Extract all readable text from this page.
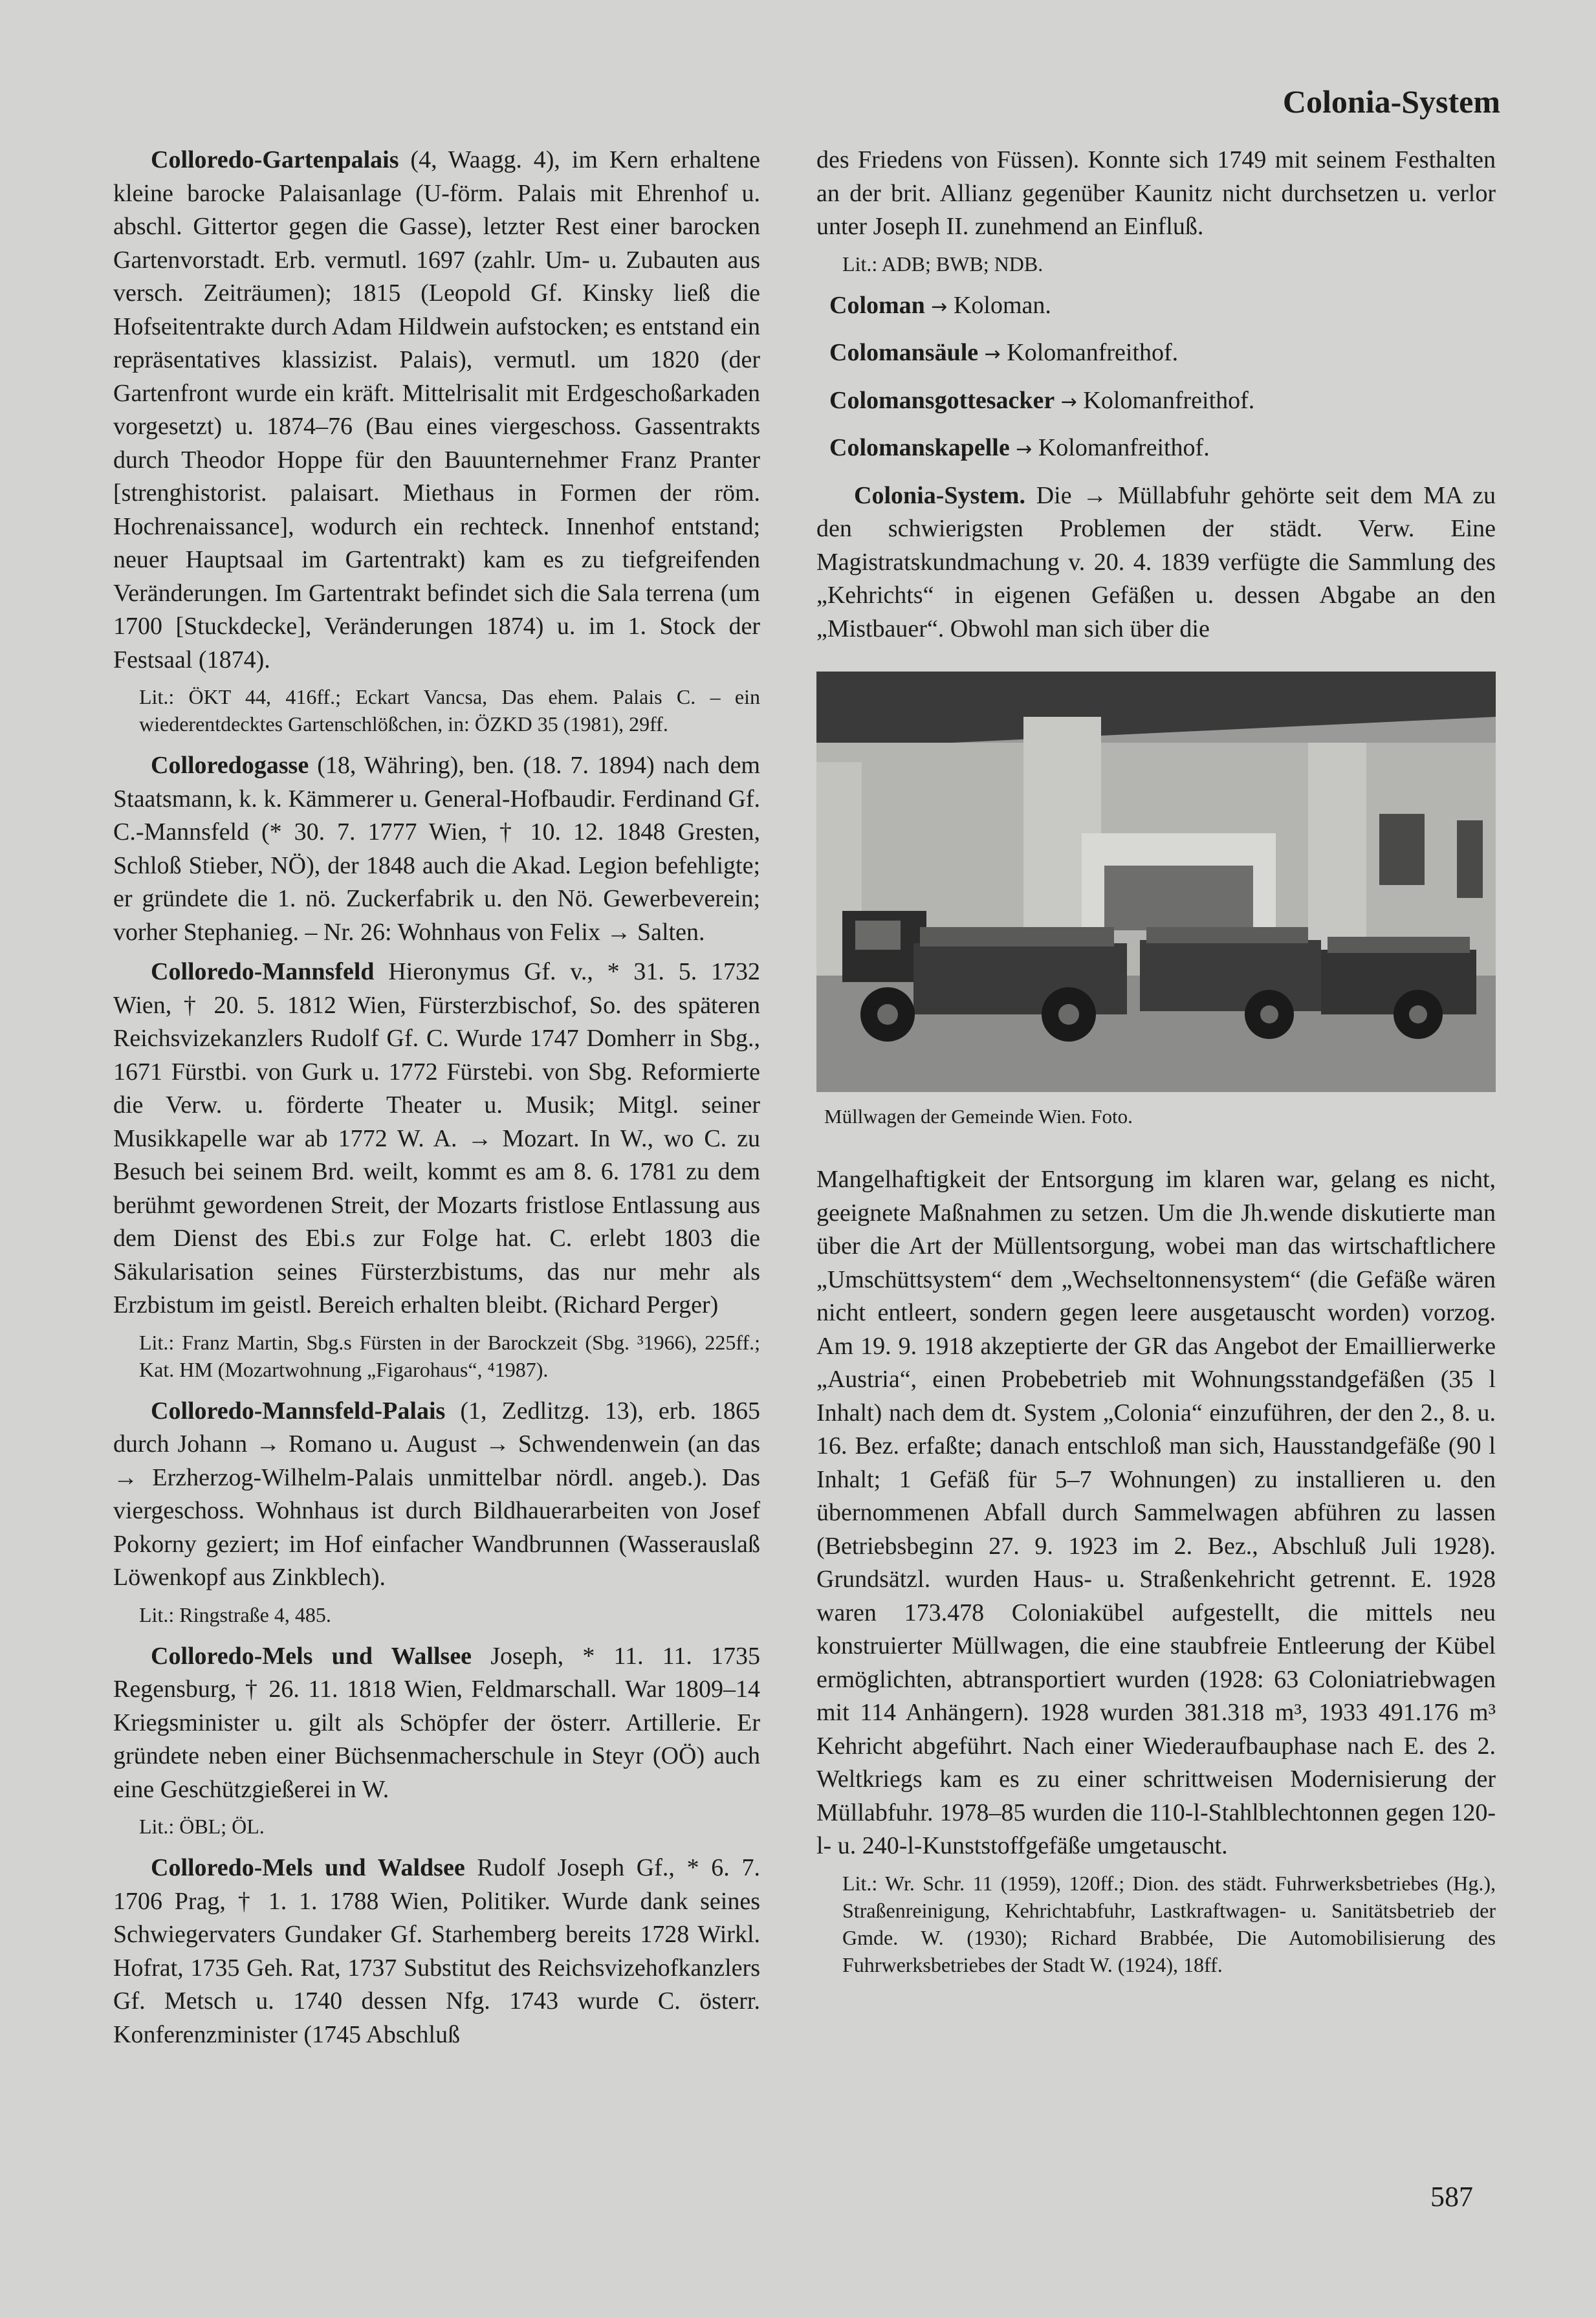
Colonia-System

Colloredo-Gartenpalais (4, Waagg. 4), im Kern erhaltene kleine barocke Palaisanlage (U-förm. Palais mit Ehrenhof u. abschl. Gittertor gegen die Gasse), letzter Rest einer barocken Gartenvorstadt. Erb. vermutl. 1697 (zahlr. Um- u. Zubauten aus versch. Zeiträumen); 1815 (Leopold Gf. Kinsky ließ die Hofseitentrakte durch Adam Hildwein aufstocken; es entstand ein repräsentatives klassizist. Palais), vermutl. um 1820 (der Gartenfront wurde ein kräft. Mittelrisalit mit Erdgeschoßarkaden vorgesetzt) u. 1874–76 (Bau eines viergeschoss. Gassentrakts durch Theodor Hoppe für den Bauunternehmer Franz Pranter [strenghistorist. palaisart. Miethaus in Formen der röm. Hochrenaissance], wodurch ein rechteck. Innenhof entstand; neuer Hauptsaal im Gartentrakt) kam es zu tiefgreifenden Veränderungen. Im Gartentrakt befindet sich die Sala terrena (um 1700 [Stuckdecke], Veränderungen 1874) u. im 1. Stock der Festsaal (1874).

Lit.: ÖKT 44, 416ff.; Eckart Vancsa, Das ehem. Palais C. – ein wiederentdecktes Gartenschlößchen, in: ÖZKD 35 (1981), 29ff.

Colloredogasse (18, Währing), ben. (18. 7. 1894) nach dem Staatsmann, k. k. Kämmerer u. General-Hofbaudir. Ferdinand Gf. C.-Mannsfeld (* 30. 7. 1777 Wien, † 10. 12. 1848 Gresten, Schloß Stieber, NÖ), der 1848 auch die Akad. Legion befehligte; er gründete die 1. nö. Zuckerfabrik u. den Nö. Gewerbeverein; vorher Stephanieg. – Nr. 26: Wohnhaus von Felix → Salten.

Colloredo-Mannsfeld Hieronymus Gf. v., * 31. 5. 1732 Wien, † 20. 5. 1812 Wien, Fürsterzbischof, So. des späteren Reichsvizekanzlers Rudolf Gf. C. Wurde 1747 Domherr in Sbg., 1671 Fürstbi. von Gurk u. 1772 Fürstebi. von Sbg. Reformierte die Verw. u. förderte Theater u. Musik; Mitgl. seiner Musikkapelle war ab 1772 W. A. → Mozart. In W., wo C. zu Besuch bei seinem Brd. weilt, kommt es am 8. 6. 1781 zu dem berühmt gewordenen Streit, der Mozarts fristlose Entlassung aus dem Dienst des Ebi.s zur Folge hat. C. erlebt 1803 die Säkularisation seines Fürsterzbistums, das nur mehr als Erzbistum im geistl. Bereich erhalten bleibt. (Richard Perger)

Lit.: Franz Martin, Sbg.s Fürsten in der Barockzeit (Sbg. ³1966), 225ff.; Kat. HM (Mozartwohnung „Figarohaus“, ⁴1987).

Colloredo-Mannsfeld-Palais (1, Zedlitzg. 13), erb. 1865 durch Johann → Romano u. August → Schwendenwein (an das → Erzherzog-Wilhelm-Palais unmittelbar nördl. angeb.). Das viergeschoss. Wohnhaus ist durch Bildhauerarbeiten von Josef Pokorny geziert; im Hof einfacher Wandbrunnen (Wasserauslaß Löwenkopf aus Zinkblech).

Lit.: Ringstraße 4, 485.

Colloredo-Mels und Wallsee Joseph, * 11. 11. 1735 Regensburg, † 26. 11. 1818 Wien, Feldmarschall. War 1809–14 Kriegsminister u. gilt als Schöpfer der österr. Artillerie. Er gründete neben einer Büchsenmacherschule in Steyr (OÖ) auch eine Geschützgießerei in W.

Lit.: ÖBL; ÖL.

Colloredo-Mels und Waldsee Rudolf Joseph Gf., * 6. 7. 1706 Prag, † 1. 1. 1788 Wien, Politiker. Wurde dank seines Schwiegervaters Gundaker Gf. Starhemberg bereits 1728 Wirkl. Hofrat, 1735 Geh. Rat, 1737 Substitut des Reichsvizehofkanzlers Gf. Metsch u. 1740 dessen Nfg. 1743 wurde C. österr. Konferenzminister (1745 Abschluß

des Friedens von Füssen). Konnte sich 1749 mit seinem Festhalten an der brit. Allianz gegenüber Kaunitz nicht durchsetzen u. verlor unter Joseph II. zunehmend an Einfluß.

Lit.: ADB; BWB; NDB.

Coloman → Koloman.

Colomansäule → Kolomanfreithof.

Colomansgottesacker → Kolomanfreithof.

Colomanskapelle → Kolomanfreithof.

Colonia-System. Die → Müllabfuhr gehörte seit dem MA zu den schwierigsten Problemen der städt. Verw. Eine Magistratskundmachung v. 20. 4. 1839 verfügte die Sammlung des „Kehrichts“ in eigenen Gefäßen u. dessen Abgabe an den „Mistbauer“. Obwohl man sich über die

Müllwagen der Gemeinde Wien. Foto.

Mangelhaftigkeit der Entsorgung im klaren war, gelang es nicht, geeignete Maßnahmen zu setzen. Um die Jh.wende diskutierte man über die Art der Müllentsorgung, wobei man das wirtschaftlichere „Umschüttsystem“ dem „Wechseltonnensystem“ (die Gefäße wären nicht entleert, sondern gegen leere ausgetauscht worden) vorzog. Am 19. 9. 1918 akzeptierte der GR das Angebot der Emaillierwerke „Austria“, einen Probebetrieb mit Wohnungsstandgefäßen (35 l Inhalt) nach dem dt. System „Colonia“ einzuführen, der den 2., 8. u. 16. Bez. erfaßte; danach entschloß man sich, Hausstandgefäße (90 l Inhalt; 1 Gefäß für 5–7 Wohnungen) zu installieren u. den übernommenen Abfall durch Sammelwagen abführen zu lassen (Betriebsbeginn 27. 9. 1923 im 2. Bez., Abschluß Juli 1928). Grundsätzl. wurden Haus- u. Straßenkehricht getrennt. E. 1928 waren 173.478 Coloniakübel aufgestellt, die mittels neu konstruierter Müllwagen, die eine staubfreie Entleerung der Kübel ermöglichten, abtransportiert wurden (1928: 63 Coloniatriebwagen mit 114 Anhängern). 1928 wurden 381.318 m³, 1933 491.176 m³ Kehricht abgeführt. Nach einer Wiederaufbauphase nach E. des 2. Weltkriegs kam es zu einer schrittweisen Modernisierung der Müllabfuhr. 1978–85 wurden die 110-l-Stahlblechtonnen gegen 120-l- u. 240-l-Kunststoffgefäße umgetauscht.

Lit.: Wr. Schr. 11 (1959), 120ff.; Dion. des städt. Fuhrwerksbetriebes (Hg.), Straßenreinigung, Kehrichtabfuhr, Lastkraftwagen- u. Sanitätsbetrieb der Gmde. W. (1930); Richard Brabbée, Die Automobilisierung des Fuhrwerksbetriebes der Stadt W. (1924), 18ff.

587
